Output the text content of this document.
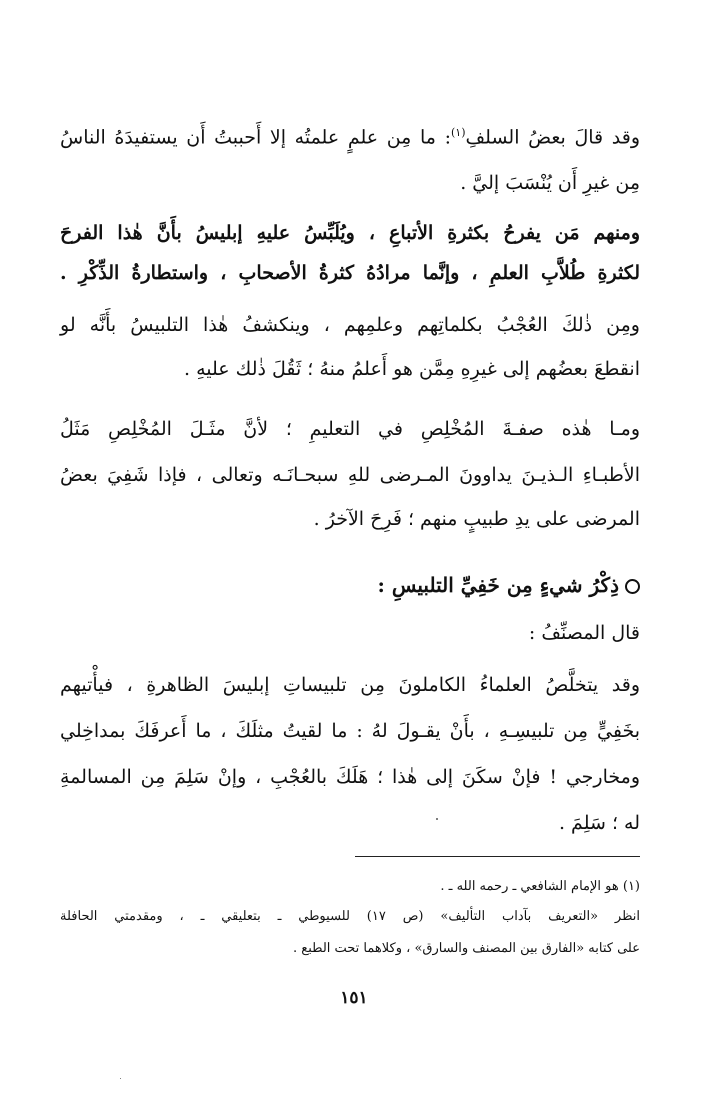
وقد قالَ بعضُ السلفِ$^{(١)}$: ما مِن علمٍ علمتُه إلا أَحببتُ أَن يستفيدَهُ الناسُ
مِن غيرِ أَن يُنْسَبَ إليَّ .
ومنهم مَن يفرحُ بكثرةِ الأتباعِ ، ويُلَبِّسُ عليهِ إبليسُ بأَنَّ هٰذا الفرحَ
لكثرةِ طُلاَّبِ العلمِ ، وإنَّما مرادُهُ كثرةُ الأصحابِ ، واستطارةُ الذِّكْرِ .
ومِن ذٰلكَ العُجْبُ بكلماتِهم وعلمِهم ، وينكشفُ هٰذا التلبيسُ بأَنَّه لو
انقطعَ بعضُهم إلى غيرِهِ مِمَّن هو أَعلمُ منهُ ؛ ثَقُلَ ذٰلك عليهِ .
ومـا هٰذه صفـةَ المُخْلِصِ في التعليمِ ؛ لأنَّ مثَـلَ المُخْلِصِ مَثَلُ
الأطبـاءِ الـذيـنَ يداوونَ المـرضى للهِ سبحـانَـه وتعالى ، فإذا شَفِيَ بعضُ
المرضى على يدِ طبيبٍ منهم ؛ فَرِحَ الآخرُ .
ذِكْرُ شيءٍ مِن خَفِيِّ التلبيسِ :
قال المصنِّفُ :
وقد يتخلَّصُ العلماءُ الكاملونَ مِن تلبيساتِ إبليسَ الظاهرةِ ، فيأْتيهم
بخَفِيٍّ مِن تلبيسِـهِ ، بأَنْ يقـولَ لهُ : ما لقيتُ مثلَكَ ، ما أَعرفَكَ بمداخِلي
ومخارجي ! فإنْ سكَنَ إلى هٰذا ؛ هَلَكَ بالعُجْبِ ، وإنْ سَلِمَ مِن المسالمةِ
له ؛ سَلِمَ .
(١) هو الإمام الشافعي ـ رحمه الله ـ .
انظر «التعريف بآداب التأليف» (ص ١٧) للسيوطي ـ بتعليقي ـ ، ومقدمتي الحافلة
على كتابه «الفارق بين المصنف والسارق» ، وكلاهما تحت الطبع .
١٥١
